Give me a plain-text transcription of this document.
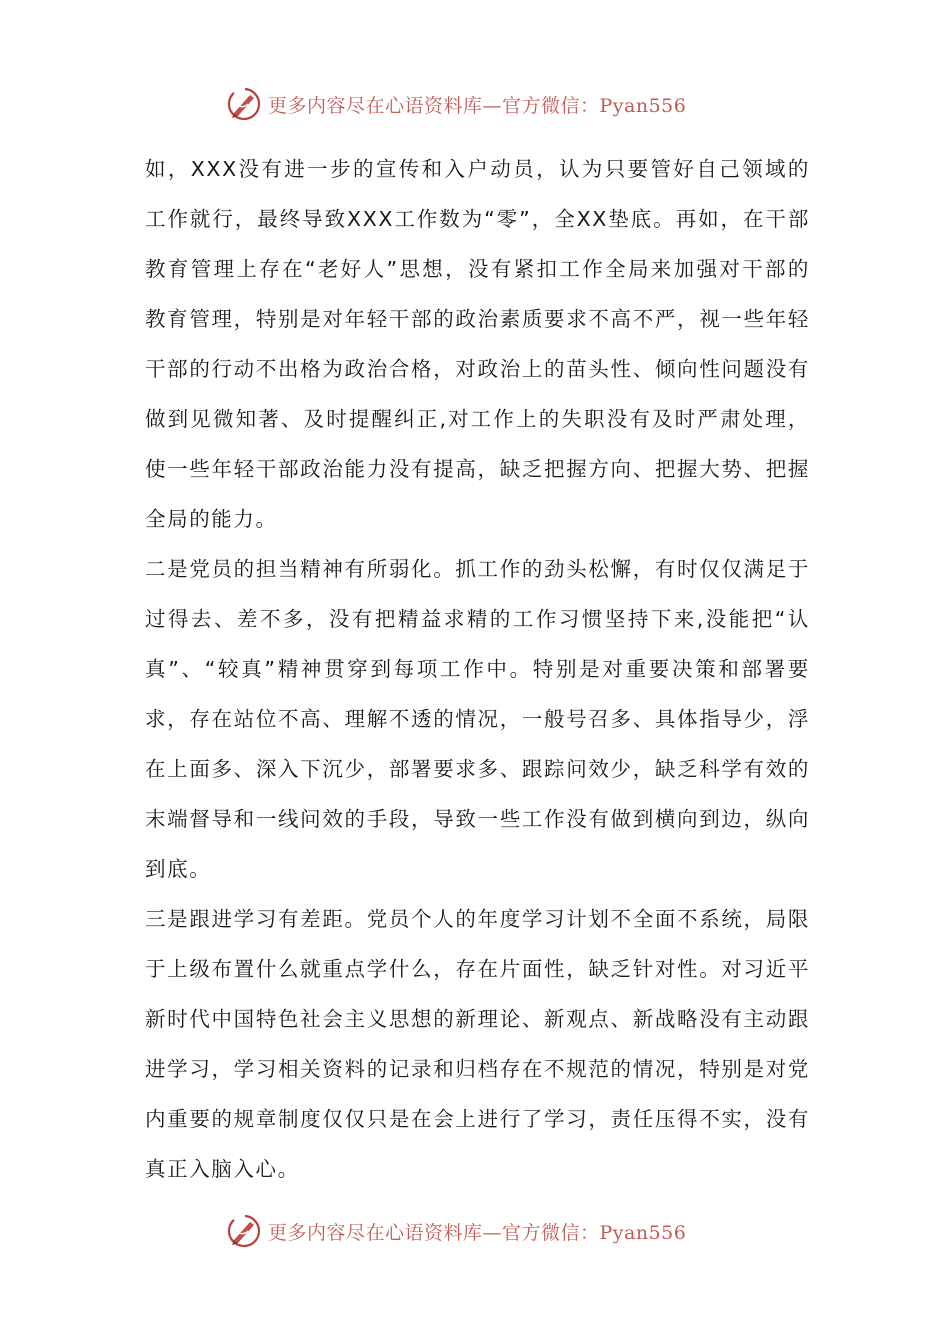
更多内容尽在心语资料库—官方微信：Pyan556

如，XXX没有进一步的宣传和入户动员，认为只要管好自己领域的工作就行，最终导致XXX工作数为“零”，全XX垫底。再如，在干部教育管理上存在“老好人”思想，没有紧扣工作全局来加强对干部的教育管理，特别是对年轻干部的政治素质要求不高不严，视一些年轻干部的行动不出格为政治合格，对政治上的苗头性、倾向性问题没有做到见微知著、及时提醒纠正,对工作上的失职没有及时严肃处理，使一些年轻干部政治能力没有提高，缺乏把握方向、把握大势、把握全局的能力。

二是党员的担当精神有所弱化。抓工作的劲头松懈，有时仅仅满足于过得去、差不多，没有把精益求精的工作习惯坚持下来,没能把“认真”、“较真”精神贯穿到每项工作中。特别是对重要决策和部署要求，存在站位不高、理解不透的情况，一般号召多、具体指导少，浮在上面多、深入下沉少，部署要求多、跟踪问效少，缺乏科学有效的末端督导和一线问效的手段，导致一些工作没有做到横向到边，纵向到底。

三是跟进学习有差距。党员个人的年度学习计划不全面不系统，局限于上级布置什么就重点学什么，存在片面性，缺乏针对性。对习近平新时代中国特色社会主义思想的新理论、新观点、新战略没有主动跟进学习，学习相关资料的记录和归档存在不规范的情况，特别是对党内重要的规章制度仅仅只是在会上进行了学习，责任压得不实，没有真正入脑入心。

更多内容尽在心语资料库—官方微信：Pyan556
